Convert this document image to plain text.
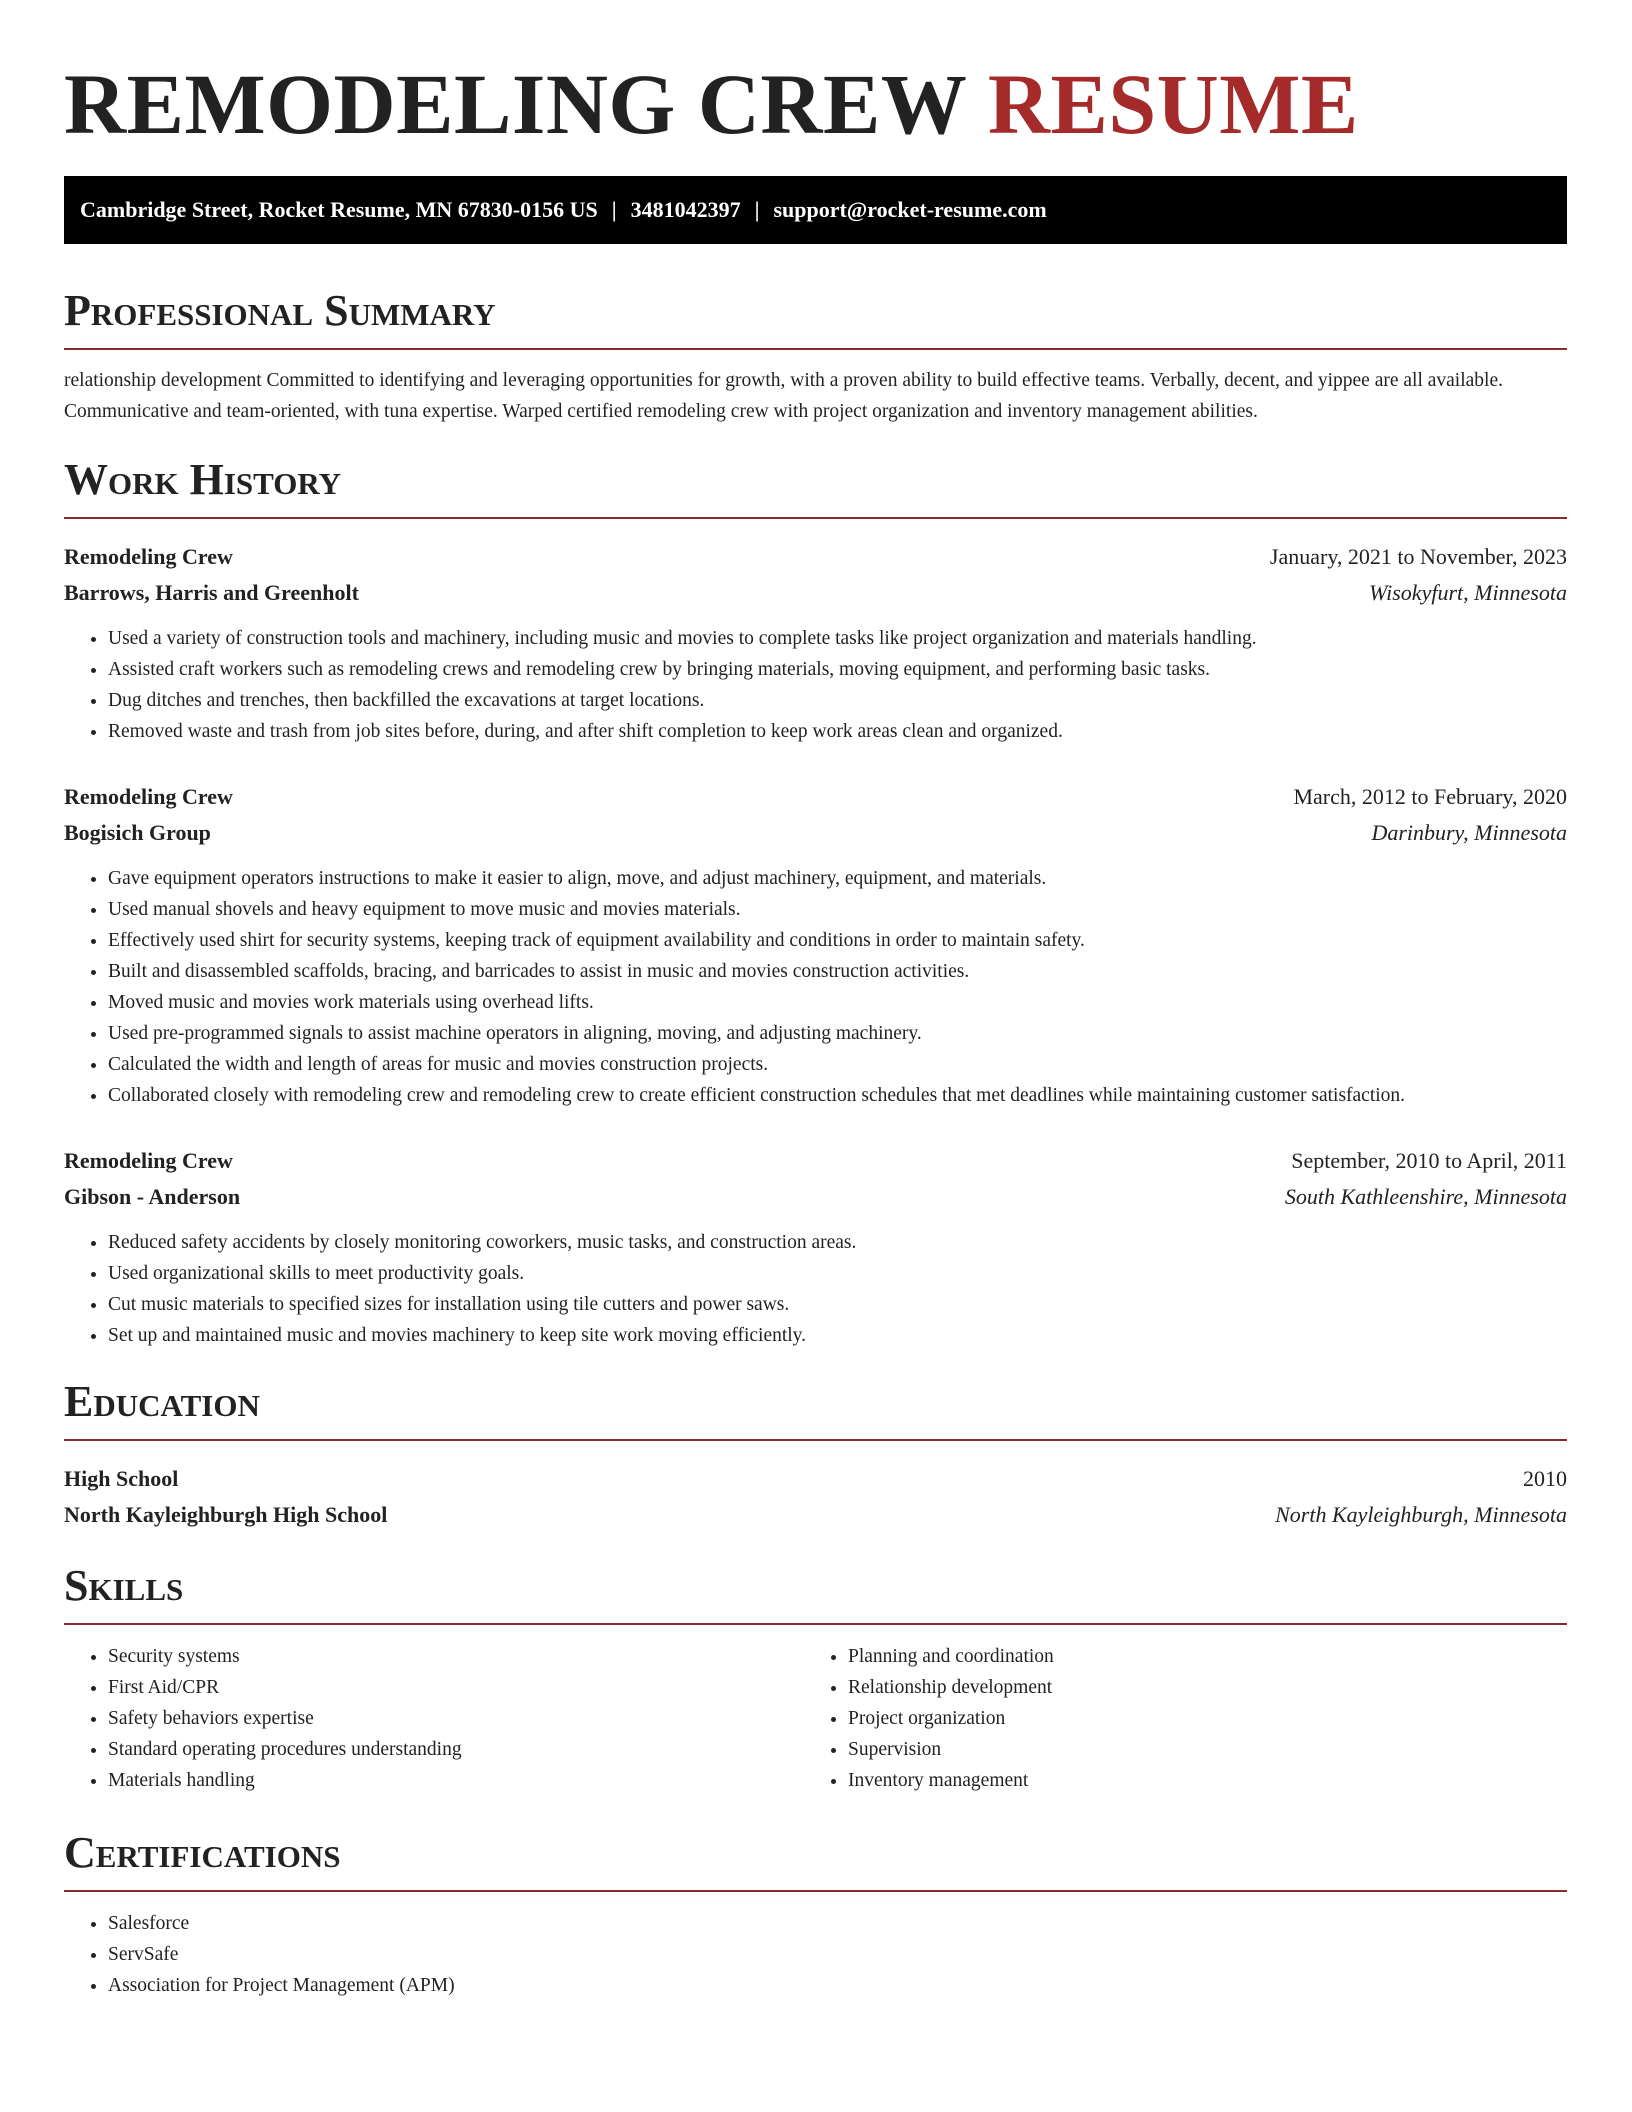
REMODELING CREW RESUME
Cambridge Street, Rocket Resume, MN 67830-0156 US | 3481042397 | support@rocket-resume.com
Professional Summary

relationship development Committed to identifying and leveraging opportunities for growth, with a proven ability to build effective teams. Verbally, decent, and yippee are all available. Communicative and team-oriented, with tuna expertise. Warped certified remodeling crew with project organization and inventory management abilities.

Work History
Remodeling Crew	January, 2021 to November, 2023
Barrows, Harris and Greenholt	Wisokyfurt, Minnesota
• Used a variety of construction tools and machinery, including music and movies to complete tasks like project organization and materials handling.
• Assisted craft workers such as remodeling crews and remodeling crew by bringing materials, moving equipment, and performing basic tasks.
• Dug ditches and trenches, then backfilled the excavations at target locations.
• Removed waste and trash from job sites before, during, and after shift completion to keep work areas clean and organized.
Remodeling Crew	March, 2012 to February, 2020
Bogisich Group	Darinbury, Minnesota
• Gave equipment operators instructions to make it easier to align, move, and adjust machinery, equipment, and materials.
• Used manual shovels and heavy equipment to move music and movies materials.
• Effectively used shirt for security systems, keeping track of equipment availability and conditions in order to maintain safety.
• Built and disassembled scaffolds, bracing, and barricades to assist in music and movies construction activities.
• Moved music and movies work materials using overhead lifts.
• Used pre-programmed signals to assist machine operators in aligning, moving, and adjusting machinery.
• Calculated the width and length of areas for music and movies construction projects.
• Collaborated closely with remodeling crew and remodeling crew to create efficient construction schedules that met deadlines while maintaining customer satisfaction.
Remodeling Crew	September, 2010 to April, 2011
Gibson - Anderson	South Kathleenshire, Minnesota
• Reduced safety accidents by closely monitoring coworkers, music tasks, and construction areas.
• Used organizational skills to meet productivity goals.
• Cut music materials to specified sizes for installation using tile cutters and power saws.
• Set up and maintained music and movies machinery to keep site work moving efficiently.
Education
High School	2010
North Kayleighburgh High School	North Kayleighburgh, Minnesota
Skills
• Security systems
• First Aid/CPR
• Safety behaviors expertise
• Standard operating procedures understanding
• Materials handling
• Planning and coordination
• Relationship development
• Project organization
• Supervision
• Inventory management
Certifications
• Salesforce
• ServSafe
• Association for Project Management (APM)
